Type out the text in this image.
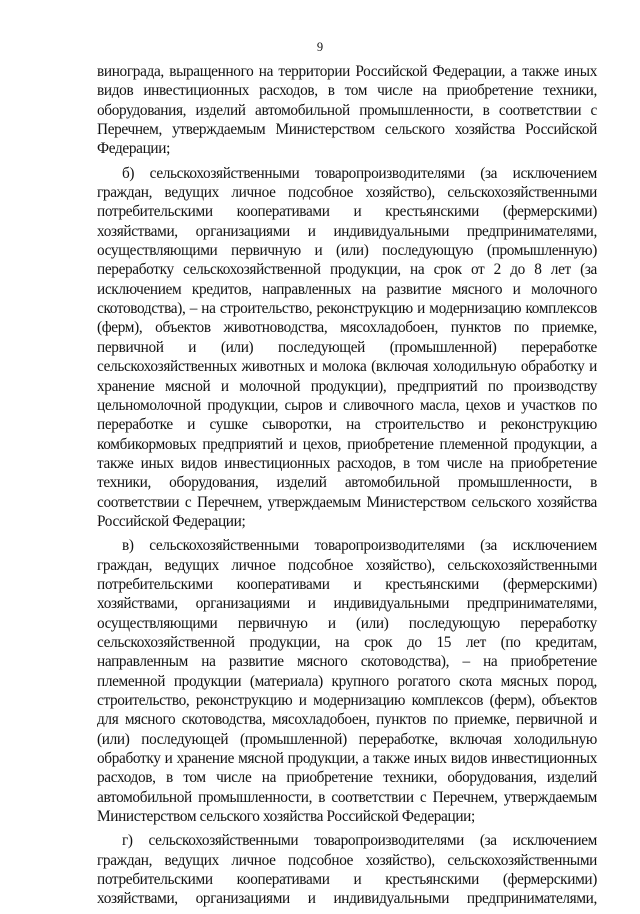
9

винограда, выращенного на территории Российской Федерации, а также иных видов инвестиционных расходов, в том числе на приобретение техники, оборудования, изделий автомобильной промышленности, в соответствии с Перечнем, утверждаемым Министерством сельского хозяйства Российской Федерации;

б) сельскохозяйственными товаропроизводителями (за исключением граждан, ведущих личное подсобное хозяйство), сельскохозяйственными потребительскими кооперативами и крестьянскими (фермерскими) хозяйствами, организациями и индивидуальными предпринимателями, осуществляющими первичную и (или) последующую (промышленную) переработку сельскохозяйственной продукции, на срок от 2 до 8 лет (за исключением кредитов, направленных на развитие мясного и молочного скотоводства), – на строительство, реконструкцию и модернизацию комплексов (ферм), объектов животноводства, мясохладобоен, пунктов по приемке, первичной и (или) последующей (промышленной) переработке сельскохозяйственных животных и молока (включая холодильную обработку и хранение мясной и молочной продукции), предприятий по производству цельномолочной продукции, сыров и сливочного масла, цехов и участков по переработке и сушке сыворотки, на строительство и реконструкцию комбикормовых предприятий и цехов, приобретение племенной продукции, а также иных видов инвестиционных расходов, в том числе на приобретение техники, оборудования, изделий автомобильной промышленности, в соответствии с Перечнем, утверждаемым Министерством сельского хозяйства Российской Федерации;

в) сельскохозяйственными товаропроизводителями (за исключением граждан, ведущих личное подсобное хозяйство), сельскохозяйственными потребительскими кооперативами и крестьянскими (фермерскими) хозяйствами, организациями и индивидуальными предпринимателями, осуществляющими первичную и (или) последующую переработку сельскохозяйственной продукции, на срок до 15 лет (по кредитам, направленным на развитие мясного скотоводства), – на приобретение племенной продукции (материала) крупного рогатого скота мясных пород, строительство, реконструкцию и модернизацию комплексов (ферм), объектов для мясного скотоводства, мясохладобоен, пунктов по приемке, первичной и (или) последующей (промышленной) переработке, включая холодильную обработку и хранение мясной продукции, а также иных видов инвестиционных расходов, в том числе на приобретение техники, оборудования, изделий автомобильной промышленности, в соответствии с Перечнем, утверждаемым Министерством сельского хозяйства Российской Федерации;

г) сельскохозяйственными товаропроизводителями (за исключением граждан, ведущих личное подсобное хозяйство), сельскохозяйственными потребительскими кооперативами и крестьянскими (фермерскими) хозяйствами, организациями и индивидуальными предпринимателями,
